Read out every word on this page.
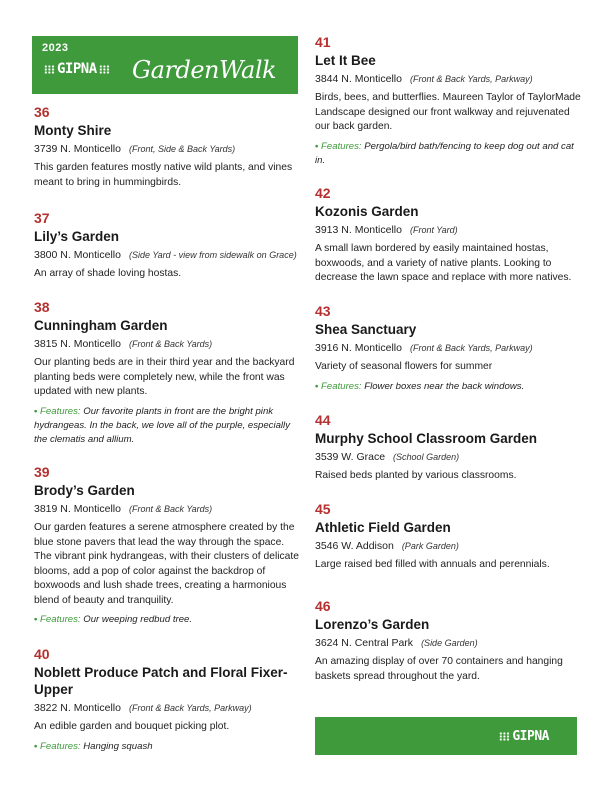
2023
GIPNA GardenWalk
36
Monty Shire
3739 N. Monticello (Front, Side & Back Yards)
This garden features mostly native wild plants, and vines meant to bring in hummingbirds.
37
Lily’s Garden
3800 N. Monticello (Side Yard - view from sidewalk on Grace)
An array of shade loving hostas.
38
Cunningham Garden
3815 N. Monticello (Front & Back Yards)
Our planting beds are in their third year and the backyard planting beds were completely new, while the front was updated with new plants.
• Features: Our favorite plants in front are the bright pink hydrangeas. In the back, we love all of the purple, especially the clematis and allium.
39
Brody’s Garden
3819 N. Monticello (Front & Back Yards)
Our garden features a serene atmosphere created by the blue stone pavers that lead the way through the space. The vibrant pink hydrangeas, with their clusters of delicate blooms, add a pop of color against the backdrop of boxwoods and lush shade trees, creating a harmonious blend of beauty and tranquility.
• Features: Our weeping redbud tree.
40
Noblett Produce Patch and Floral Fixer-Upper
3822 N. Monticello (Front & Back Yards, Parkway)
An edible garden and bouquet picking plot.
• Features: Hanging squash
41
Let It Bee
3844 N. Monticello (Front & Back Yards, Parkway)
Birds, bees, and butterflies. Maureen Taylor of TaylorMade Landscape designed our front walkway and rejuvenated our back garden.
• Features: Pergola/bird bath/fencing to keep dog out and cat in.
42
Kozonis Garden
3913 N. Monticello (Front Yard)
A small lawn bordered by easily maintained hostas, boxwoods, and a variety of native plants. Looking to decrease the lawn space and replace with more natives.
43
Shea Sanctuary
3916 N. Monticello (Front & Back Yards, Parkway)
Variety of seasonal flowers for summer
• Features: Flower boxes near the back windows.
44
Murphy School Classroom Garden
3539 W. Grace (School Garden)
Raised beds planted by various classrooms.
45
Athletic Field Garden
3546 W. Addison (Park Garden)
Large raised bed filled with annuals and perennials.
46
Lorenzo’s Garden
3624 N. Central Park (Side Garden)
An amazing display of over 70 containers and hanging baskets spread throughout the yard.
GIPNA
